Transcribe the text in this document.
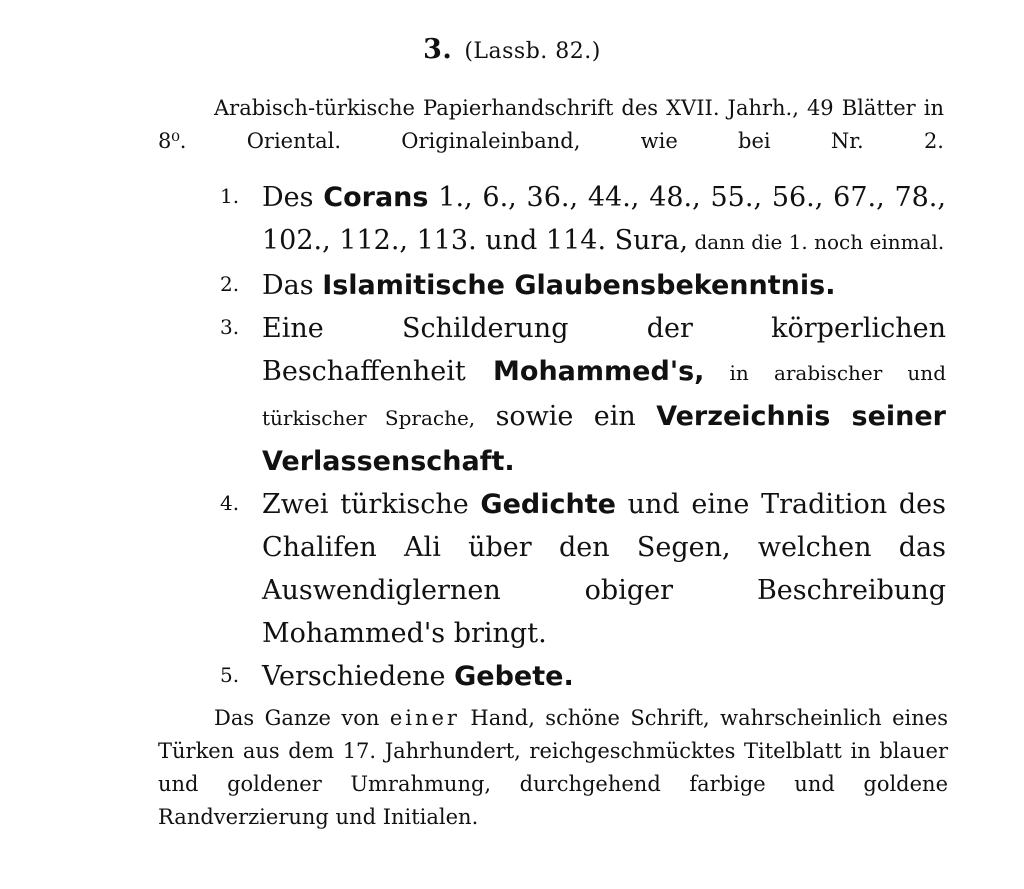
3. (Lassb. 82.)
Arabisch-türkische Papierhandschrift des XVII. Jahrh., 49 Blätter in 8⁰. Oriental. Originaleinband, wie bei Nr. 2.
1. Des Corans 1., 6., 36., 44., 48., 55., 56., 67., 78., 102., 112., 113. und 114. Sura, dann die 1. noch einmal.
2. Das Islamitische Glaubensbekenntnis.
3. Eine Schilderung der körperlichen Beschaffenheit Mohammed's, in arabischer und türkischer Sprache, sowie ein Verzeichnis seiner Verlassenschaft.
4. Zwei türkische Gedichte und eine Tradition des Chalifen Ali über den Segen, welchen das Auswendiglernen obiger Beschreibung Mohammed's bringt.
5. Verschiedene Gebete.
Das Ganze von einer Hand, schöne Schrift, wahrscheinlich eines Türken aus dem 17. Jahrhundert, reichgeschmücktes Titelblatt in blauer und goldener Umrahmung, durchgehend farbige und goldene Randverzierung und Initialen.
